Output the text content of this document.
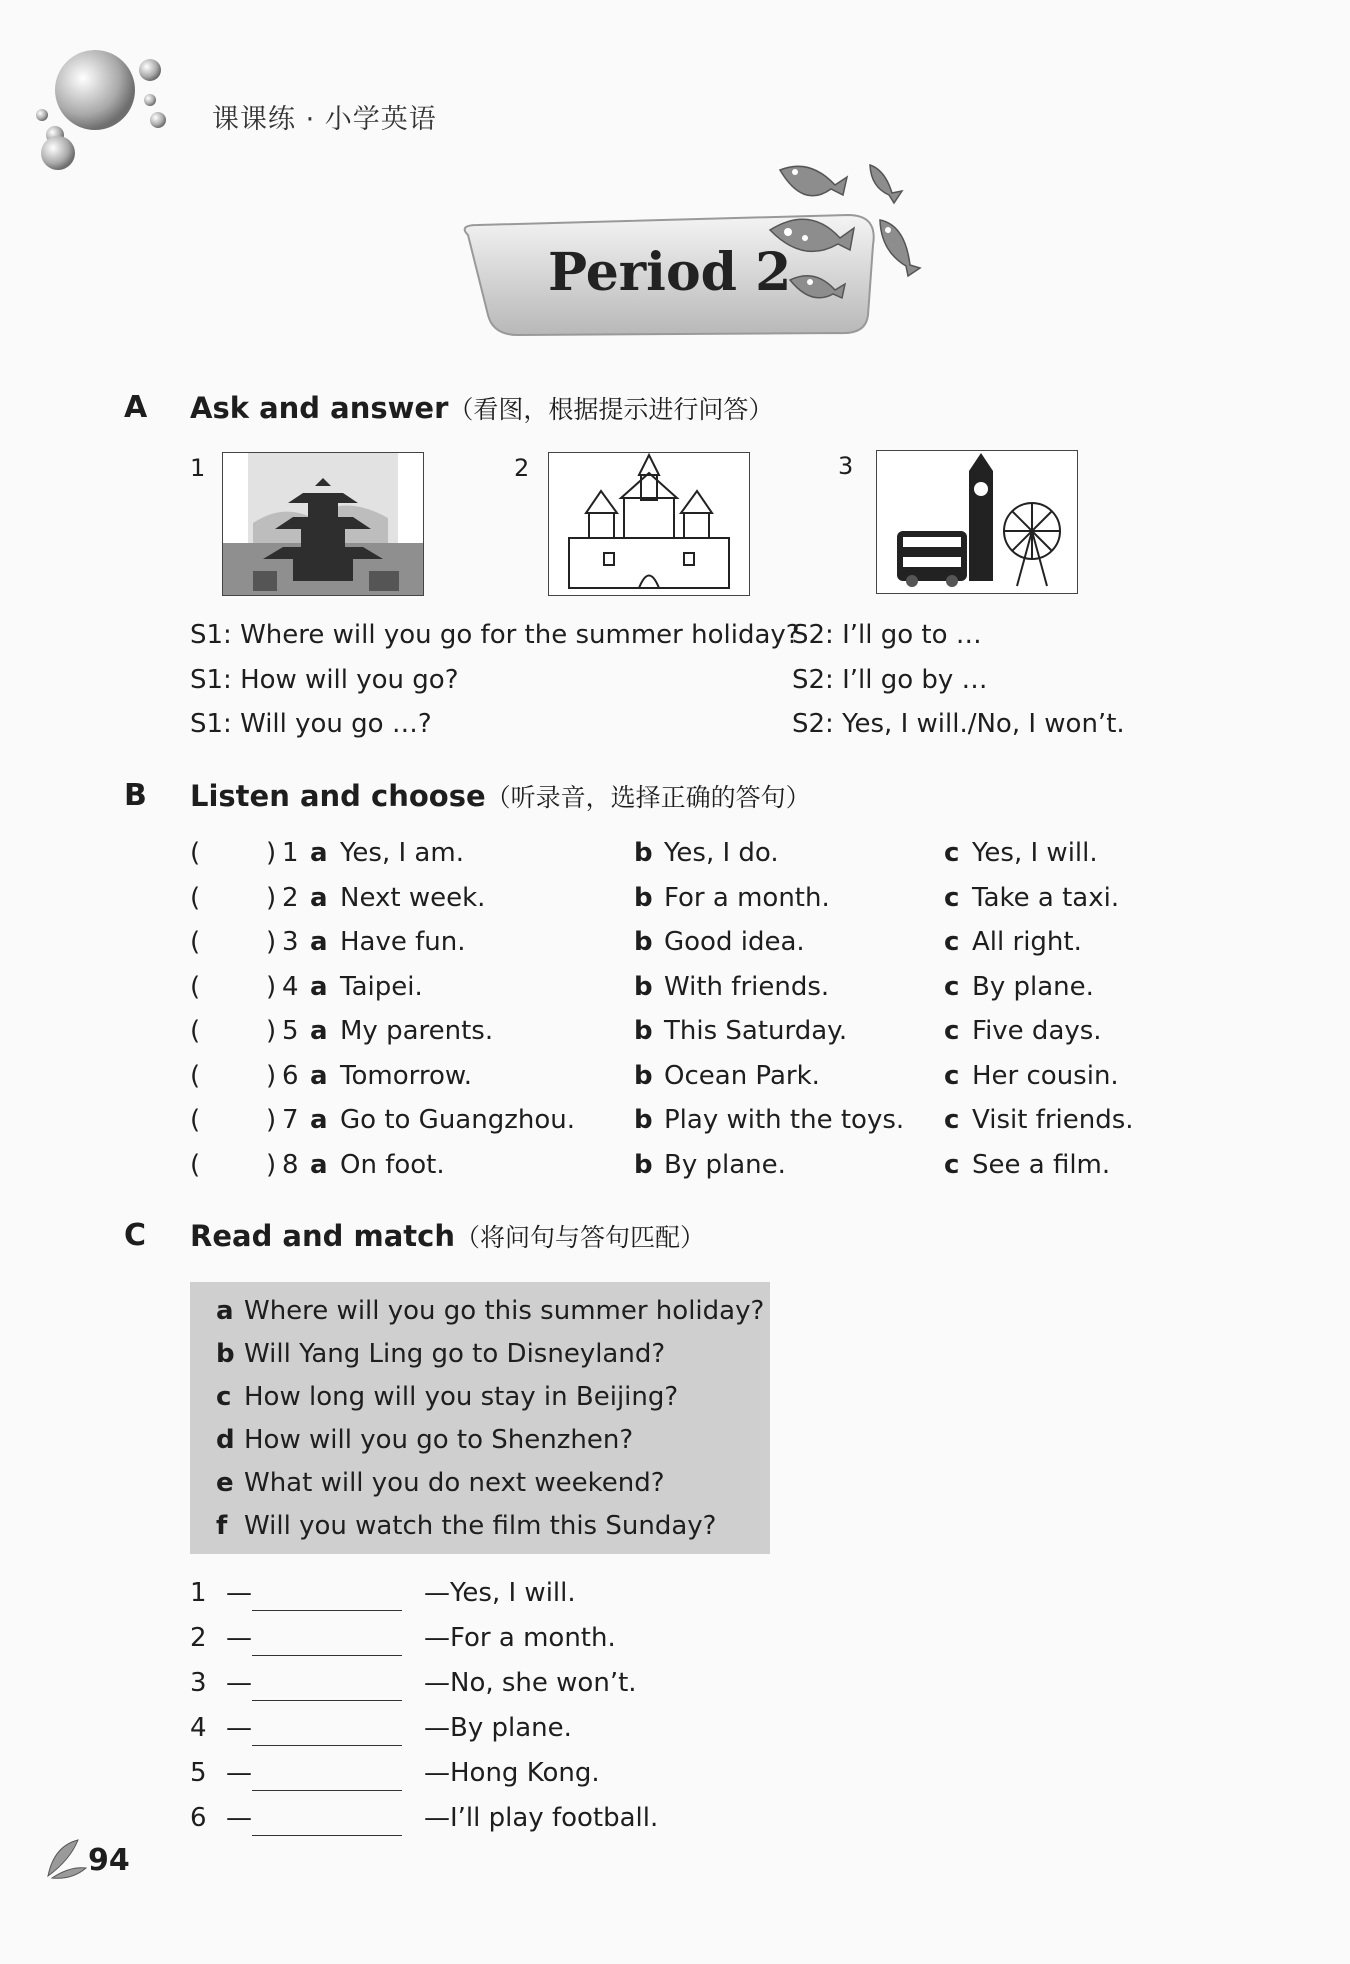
课课练 · 小学英语
Period 2
A Ask and answer（看图，根据提示进行问答）
1	2	3
S1: Where will you go for the summer holiday?
S2: I’ll go to …
S1: How will you go?	S2: I’ll go by …
S1: Will you go …?	S2: Yes, I will./No, I won’t.
B Listen and choose（听录音，选择正确的答句）
(	) 1 a Yes, I am.	b Yes, I do.	c Yes, I will.
(	) 2 a Next week.	b For a month.	c Take a taxi.
(	) 3 a Have fun.	b Good idea.	c All right.
(	) 4 a Taipei.	b With friends.	c By plane.
(	) 5 a My parents.	b This Saturday.	c Five days.
(	) 6 a Tomorrow.	b Ocean Park.	c Her cousin.
(	) 7 a Go to Guangzhou. b Play with the toys. c Visit friends.
(	) 8 a On foot.	b By plane.	c See a film.
C Read and match（将问句与答句匹配）
a Where will you go this summer holiday?
b Will Yang Ling go to Disneyland?
c How long will you stay in Beijing?
d How will you go to Shenzhen?
e What will you do next weekend?
f Will you watch the film this Sunday?
1 —	—Yes, I will.
2 —	—For a month.
3 —	—No, she won’t.
4 —	—By plane.
5 —	—Hong Kong.
6 —	—I’ll play football.
94
